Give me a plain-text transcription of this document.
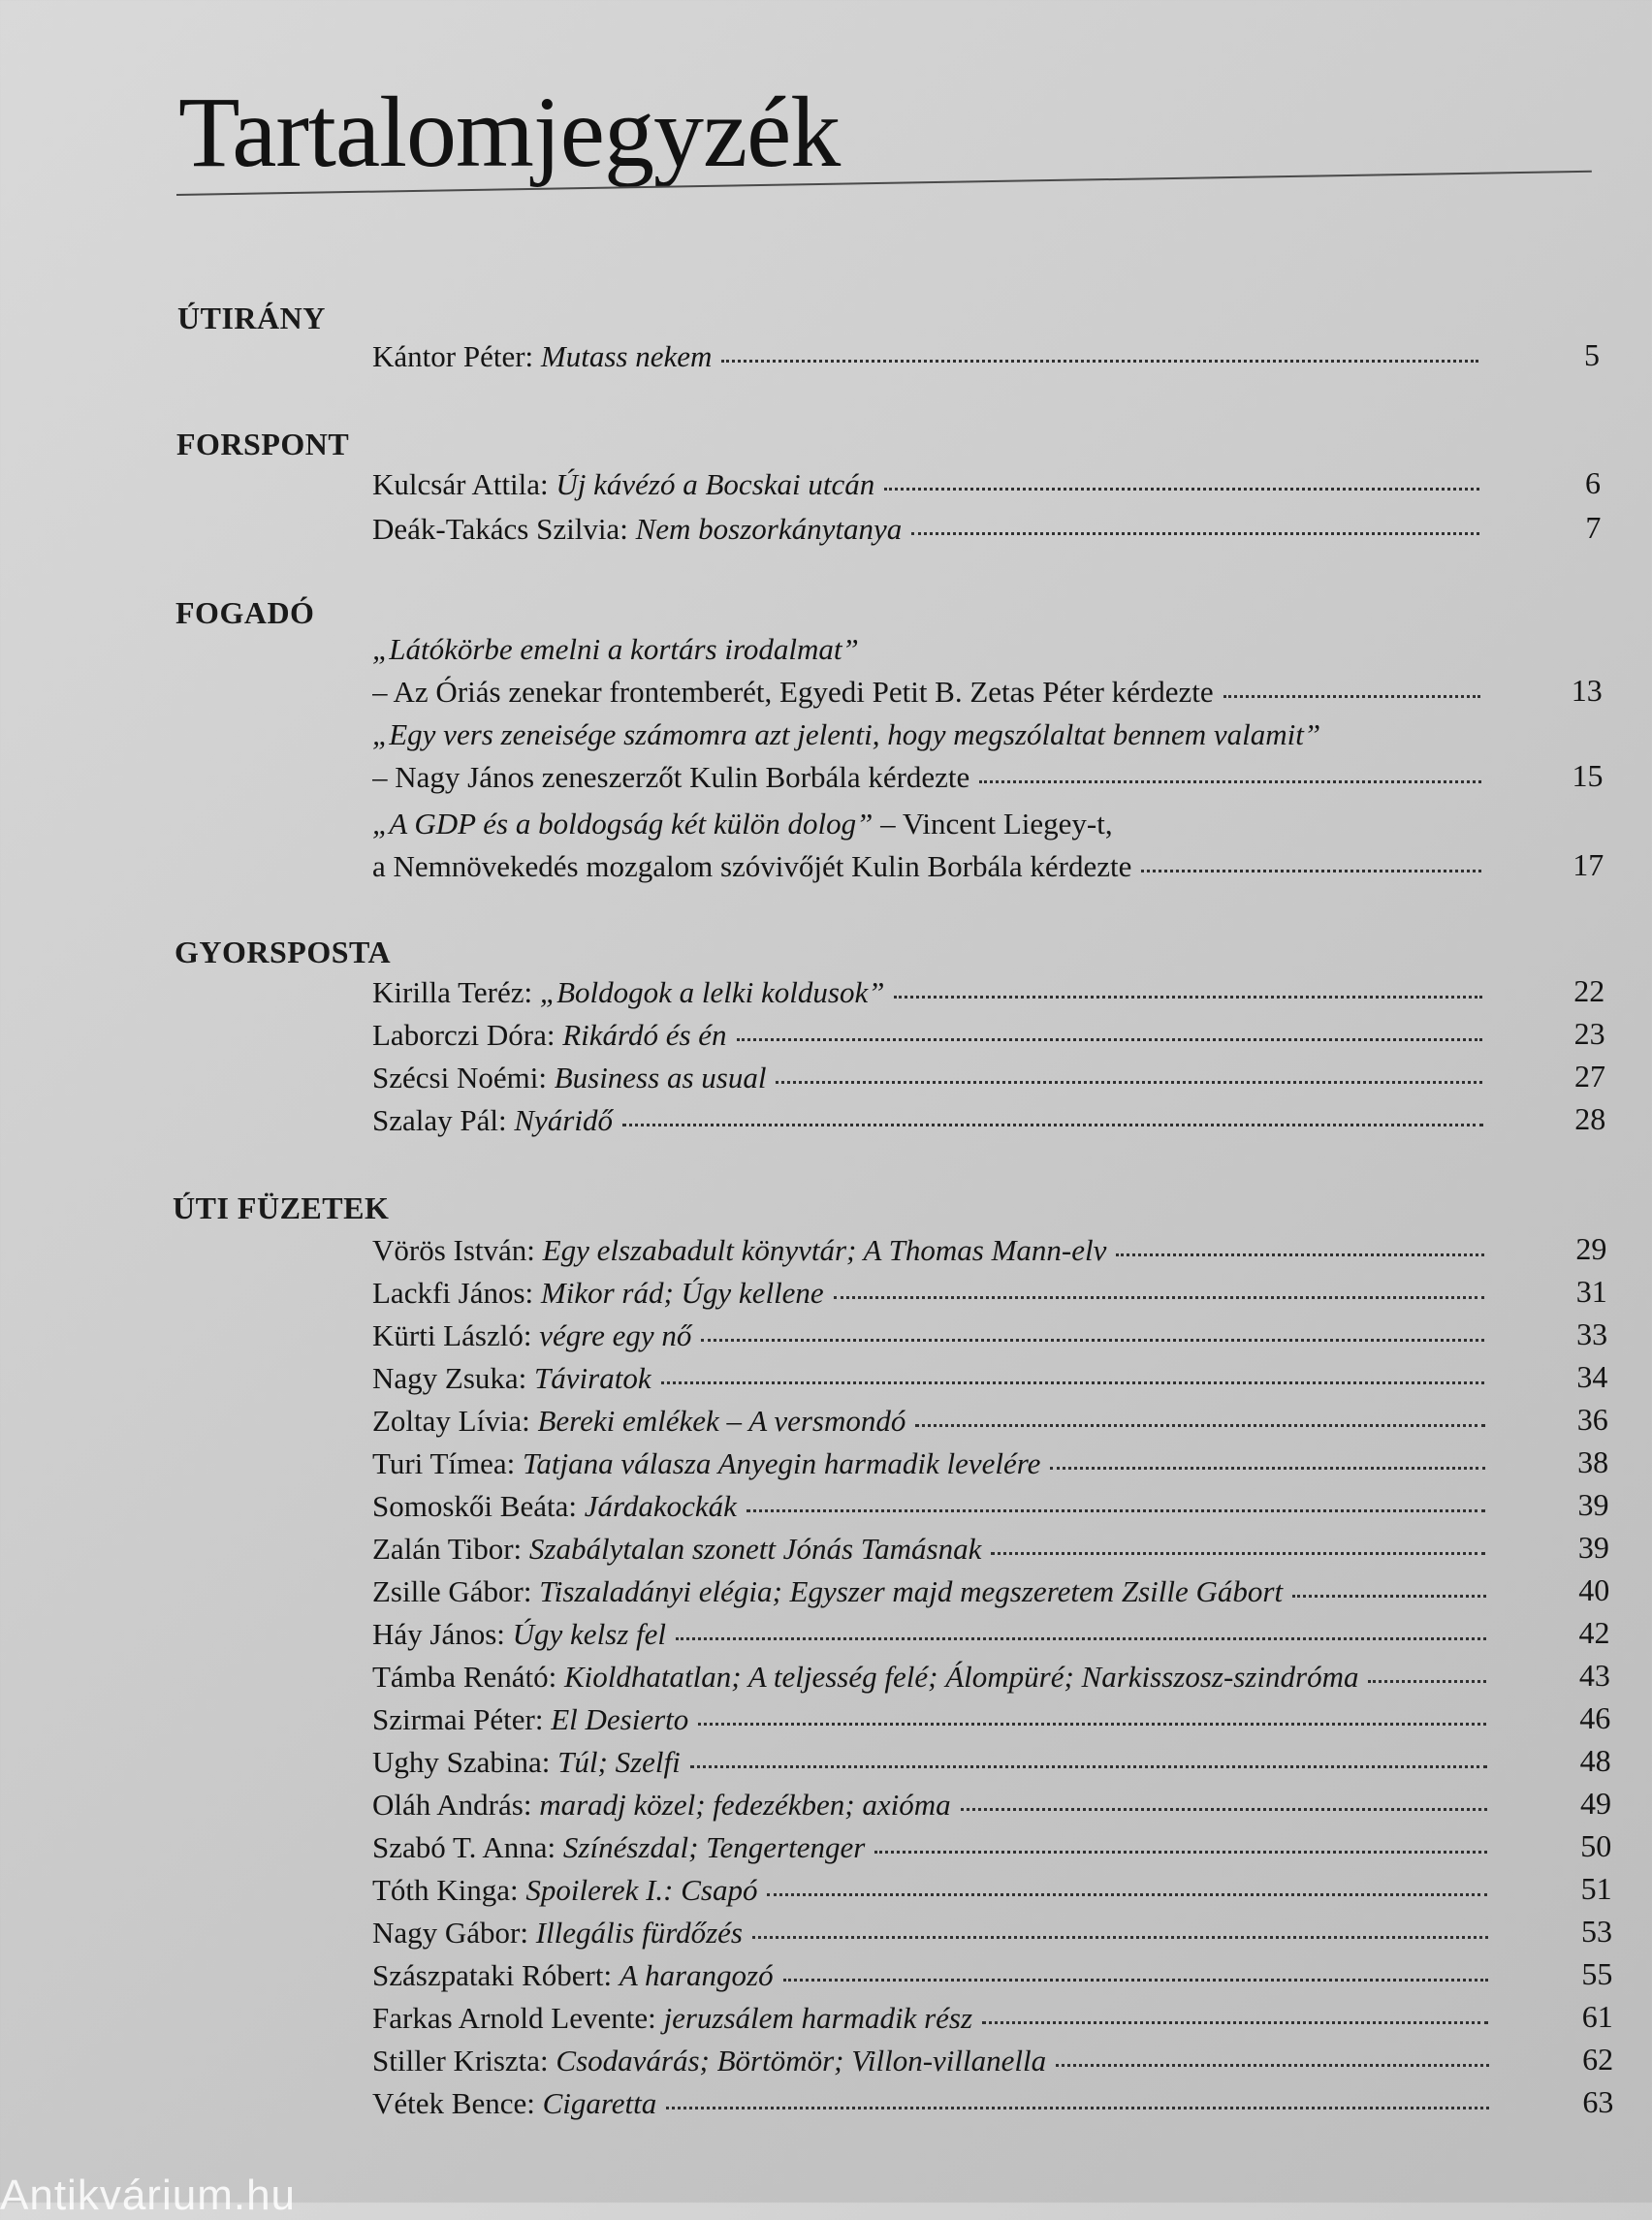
Tartalomjegyzék
ÚTIRÁNY
Kántor Péter: Mutass nekem	5
FORSPONT
Kulcsár Attila: Új kávézó a Bocskai utcán	6
Deák-Takács Szilvia: Nem boszorkánytanya	7
FOGADÓ
„Látókörbe emelni a kortárs irodalmat”
– Az Óriás zenekar frontemberét, Egyedi Petit B. Zetas Péter kérdezte	13
„Egy vers zeneisége számomra azt jelenti, hogy megszólaltat bennem valamit”
– Nagy János zeneszerzőt Kulin Borbála kérdezte	15
„A GDP és a boldogság két külön dolog” – Vincent Liegey-t,
a Nemnövekedés mozgalom szóvivőjét Kulin Borbála kérdezte	17
GYORSPOSTA
Kirilla Teréz: „Boldogok a lelki koldusok”	22
Laborczi Dóra: Rikárdó és én	23
Szécsi Noémi: Business as usual	27
Szalay Pál: Nyáridő	28
ÚTI FÜZETEK
Vörös István: Egy elszabadult könyvtár; A Thomas Mann-elv	29
Lackfi János: Mikor rád; Úgy kellene	31
Kürti László: végre egy nő	33
Nagy Zsuka: Táviratok	34
Zoltay Lívia: Bereki emlékek – A versmondó	36
Turi Tímea: Tatjana válasza Anyegin harmadik levelére	38
Somoskői Beáta: Járdakockák	39
Zalán Tibor: Szabálytalan szonett Jónás Tamásnak	39
Zsille Gábor: Tiszaladányi elégia; Egyszer majd megszeretem Zsille Gábort	40
Háy János: Úgy kelsz fel	42
Támba Renátó: Kioldhatatlan; A teljesség felé; Álompüré; Narkisszosz-szindróma	43
Szirmai Péter: El Desierto	46
Ughy Szabina: Túl; Szelfi	48
Oláh András: maradj közel; fedezékben; axióma	49
Szabó T. Anna: Színészdal; Tengertenger	50
Tóth Kinga: Spoilerek I.: Csapó	51
Nagy Gábor: Illegális fürdőzés	53
Szászpataki Róbert: A harangozó	55
Farkas Arnold Levente: jeruzsálem harmadik rész	61
Stiller Kriszta: Csodavárás; Börtömör; Villon-villanella	62
Vétek Bence: Cigaretta	63
Antikvárium.hu
